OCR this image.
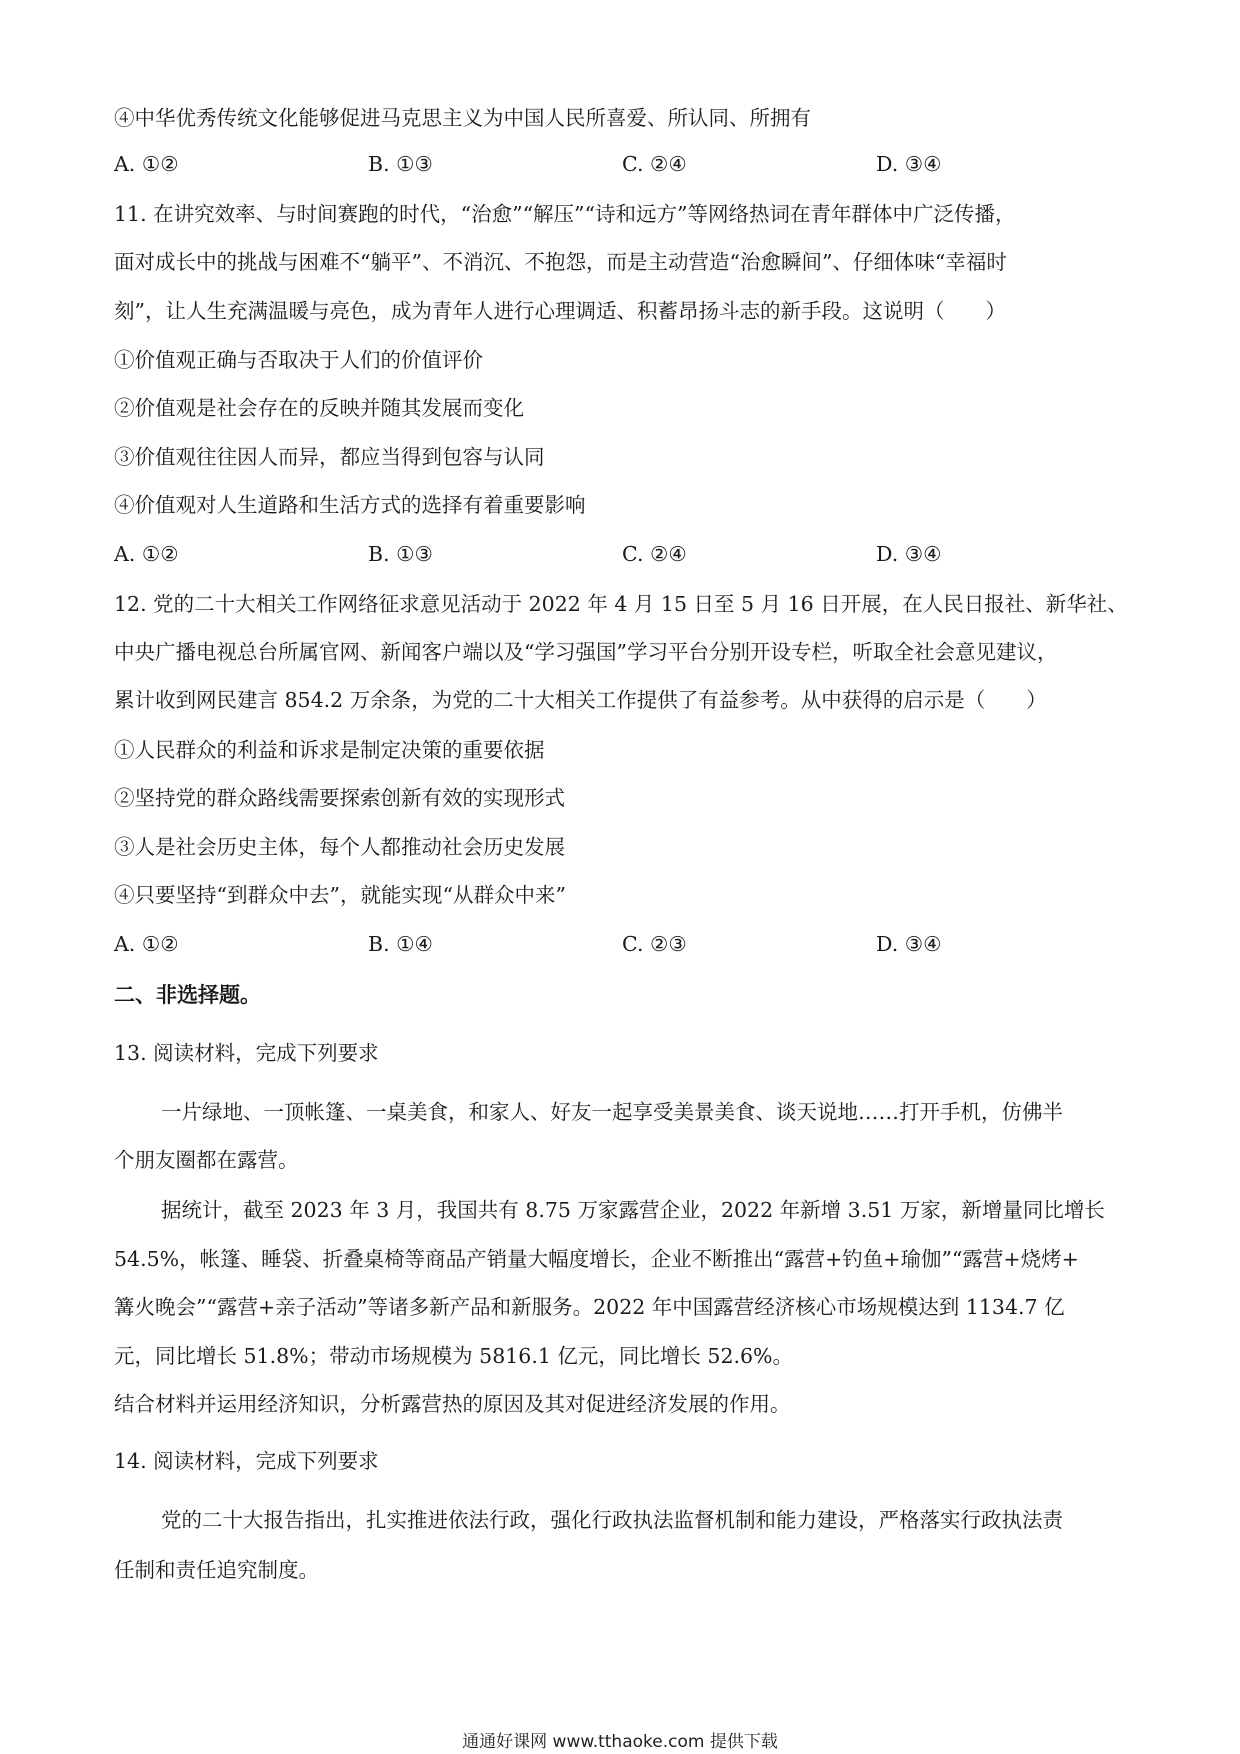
④中华优秀传统文化能够促进马克思主义为中国人民所喜爱、所认同、所拥有
A. ①②	B. ①③	C. ②④	D. ③④
11. 在讲究效率、与时间赛跑的时代，“治愈”“解压”“诗和远方”等网络热词在青年群体中广泛传播，
面对成长中的挑战与困难不“躺平”、不消沉、不抱怨，而是主动营造“治愈瞬间”、仔细体味“幸福时
刻”，让人生充满温暖与亮色，成为青年人进行心理调适、积蓄昂扬斗志的新手段。这说明（　　）
①价值观正确与否取决于人们的价值评价
②价值观是社会存在的反映并随其发展而变化
③价值观往往因人而异，都应当得到包容与认同
④价值观对人生道路和生活方式的选择有着重要影响
A. ①②	B. ①③	C. ②④	D. ③④
12. 党的二十大相关工作网络征求意见活动于 2022 年 4 月 15 日至 5 月 16 日开展，在人民日报社、新华社、
中央广播电视总台所属官网、新闻客户端以及“学习强国”学习平台分别开设专栏，听取全社会意见建议，
累计收到网民建言 854.2 万余条，为党的二十大相关工作提供了有益参考。从中获得的启示是（　　）
①人民群众的利益和诉求是制定决策的重要依据
②坚持党的群众路线需要探索创新有效的实现形式
③人是社会历史主体，每个人都推动社会历史发展
④只要坚持“到群众中去”，就能实现“从群众中来”
A. ①②	B. ①④	C. ②③	D. ③④
二、非选择题。
13. 阅读材料，完成下列要求
一片绿地、一顶帐篷、一桌美食，和家人、好友一起享受美景美食、谈天说地……打开手机，仿佛半
个朋友圈都在露营。
据统计，截至 2023 年 3 月，我国共有 8.75 万家露营企业，2022 年新增 3.51 万家，新增量同比增长
54.5%，帐篷、睡袋、折叠桌椅等商品产销量大幅度增长，企业不断推出“露营+钓鱼+瑜伽”“露营+烧烤+
篝火晚会”“露营+亲子活动”等诸多新产品和新服务。2022 年中国露营经济核心市场规模达到 1134.7 亿
元，同比增长 51.8%；带动市场规模为 5816.1 亿元，同比增长 52.6%。
结合材料并运用经济知识，分析露营热的原因及其对促进经济发展的作用。
14. 阅读材料，完成下列要求
党的二十大报告指出，扎实推进依法行政，强化行政执法监督机制和能力建设，严格落实行政执法责
任制和责任追究制度。
通通好课网 www.tthaoke.com 提供下载
